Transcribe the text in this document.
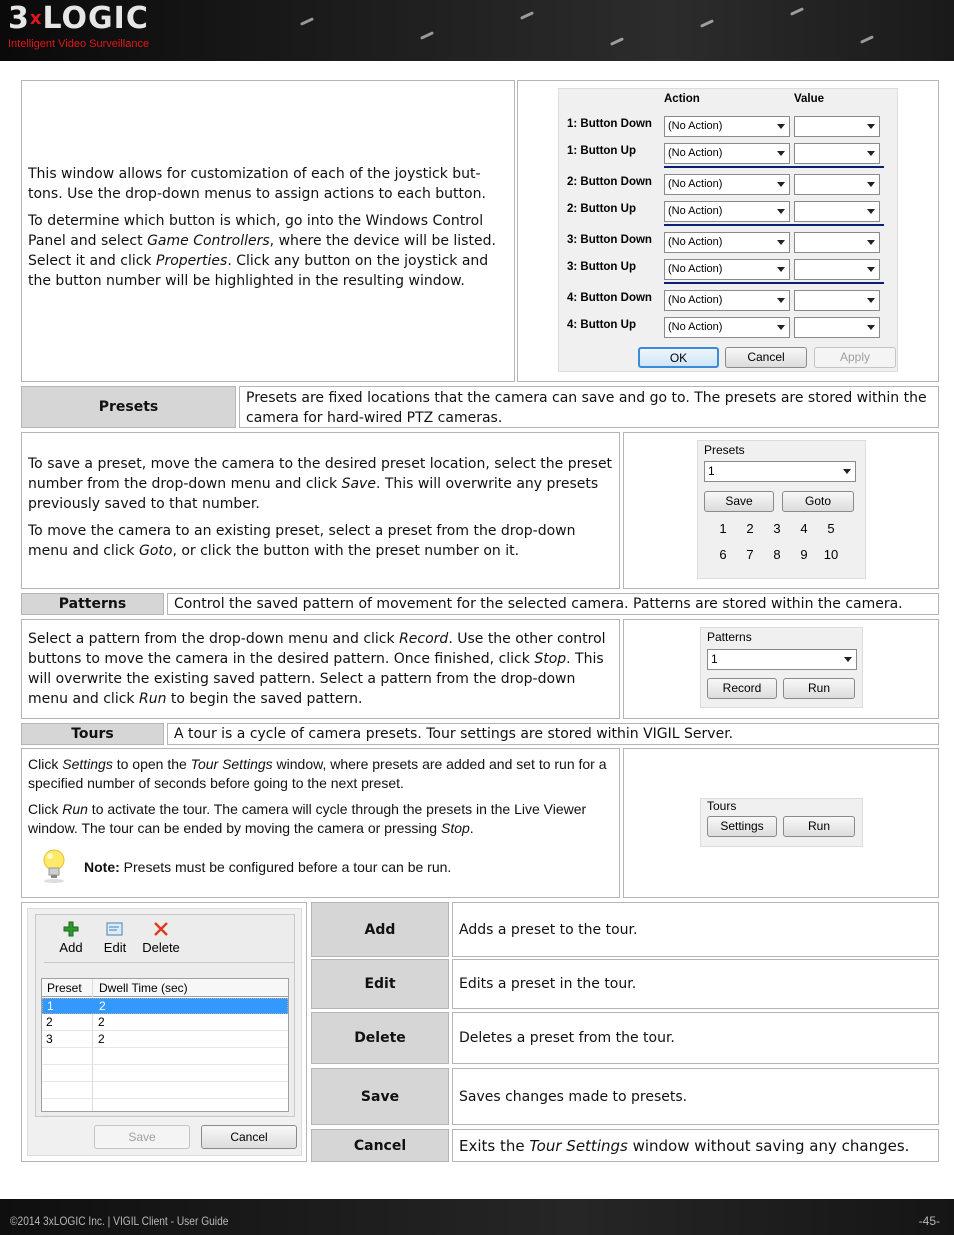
3xLOGIC
Intelligent Video Surveillance

This window allows for customization of each of the joystick but-tons. Use the drop-down menus to assign actions to each button.

To determine which button is which, go into the Windows Control Panel and select Game Controllers, where the device will be listed. Select it and click Properties. Click any button on the joystick and the button number will be highlighted in the resulting window.

Action	Value
1: Button Down	(No Action)
1: Button Up	(No Action)
2: Button Down	(No Action)
2: Button Up	(No Action)
3: Button Down	(No Action)
3: Button Up	(No Action)
4: Button Down	(No Action)
4: Button Up	(No Action)
OK	Cancel	Apply
Presets
Presets are fixed locations that the camera can save and go to. The presets are stored within the camera for hard-wired PTZ cameras.

To save a preset, move the camera to the desired preset location, select the preset number from the drop-down menu and click Save. This will overwrite any presets previously saved to that number.

To move the camera to an existing preset, select a preset from the drop-down menu and click Goto, or click the button with the preset number on it.

Presets
1
Save	Goto
1	2	3	4	5
6	7	8	9	10
Patterns	Control the saved pattern of movement for the selected camera. Patterns are stored within the camera.

Select a pattern from the drop-down menu and click Record. Use the other control buttons to move the camera in the desired pattern. Once finished, click Stop. This will overwrite the existing saved pattern. Select a pattern from the drop-down menu and click Run to begin the saved pattern.

Patterns
1
Record	Run
Tours	A tour is a cycle of camera presets. Tour settings are stored within VIGIL Server.

Click Settings to open the Tour Settings window, where presets are added and set to run for a specified number of seconds before going to the next preset.

Click Run to activate the tour. The camera will cycle through the presets in the Live Viewer window. The tour can be ended by moving the camera or pressing Stop.

Note: Presets must be configured before a tour can be run.
Tours
Settings	Run
Add	Edit	Delete
Preset Dwell Time (sec)
1	2
2	2
3	2
Save	Cancel
Add	Adds a preset to the tour.
Edit	Edits a preset in the tour.
Delete	Deletes a preset from the tour.
Save	Saves changes made to presets.
Cancel	Exits the Tour Settings window without saving any changes.
©2014 3xLOGIC Inc. | VIGIL Client - User Guide	-45-
